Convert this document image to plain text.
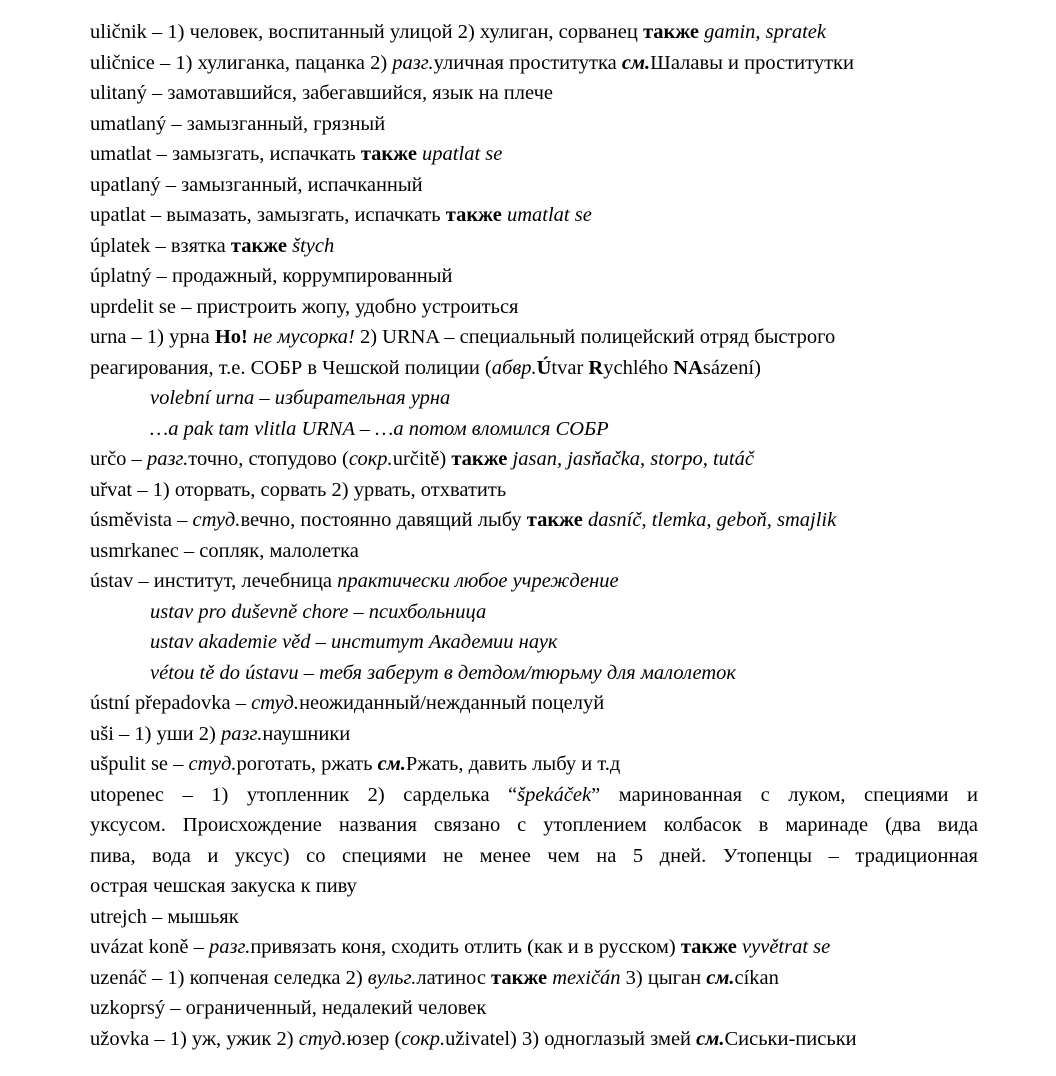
uličnik – 1) человек, воспитанный улицой 2) хулиган, сорванец также gamin, spratek
uličnice – 1) хулиганка, пацанка 2) разг.уличная проститутка см.Шалавы и проститутки
ulitaný – замотавшийся, забегавшийся, язык на плече
umatlaný – замызганный, грязный
umatlat – замызгать, испачкать также upatlat se
upatlaný – замызганный, испачканный
upatlat – вымазать, замызгать, испачкать также umatlat se
úplatek – взятка также štych
úplatný – продажный, коррумпированный
uprdelit se – пристроить жопу, удобно устроиться
urna – 1) урна Но! не мусорка! 2) URNA – специальный полицейский отряд быстрого
реагирования, т.е. СОБР в Чешской полиции (абвр.Útvar Rychlého NAsázení)
volební urna – избирательная урна
…a pak tam vlitla URNA – …а потом вломился СОБР
určo – разг.точно, стопудово (сокр.určitě) также jasan, jasňačka, storpo, tutáč
uřvat – 1) оторвать, сорвать 2) урвать, отхватить
úsměvista – студ.вечно, постоянно давящий лыбу также dasníč, tlemka, geboň, smajlik
usmrkanec – сопляк, малолетка
ústav – институт, лечебница практически любое учреждение
ustav pro duševně chore – психбольница
ustav akademie věd – институт Академии наук
vétou tě do ústavu – тебя заберут в детдом/тюрьму для малолеток
ústní přepadovka – студ.неожиданный/нежданный поцелуй
uši – 1) уши 2) разг.наушники
ušpulit se – студ.роготать, ржать см.Ржать, давить лыбу и т.д
utopenec – 1) утопленник 2) сарделька “špekáček” маринованная с луком, специями и
уксусом. Происхождение названия связано с утоплением колбасок в маринаде (два вида
пива, вода и уксус) со специями не менее чем на 5 дней. Утопенцы – традиционная
острая чешская закуска к пиву
utrejch – мышьяк
uvázat koně – разг.привязать коня, сходить отлить (как и в русском) также vyvětrat se
uzenáč – 1) копченая селедка 2) вульг.латинос также mexičán 3) цыган см.cíkan
uzkoprsý – ограниченный, недалекий человек
užovka – 1) уж, ужик 2) студ.юзер (сокр.uživatel) 3) одноглазый змей см.Сиськи-письки
